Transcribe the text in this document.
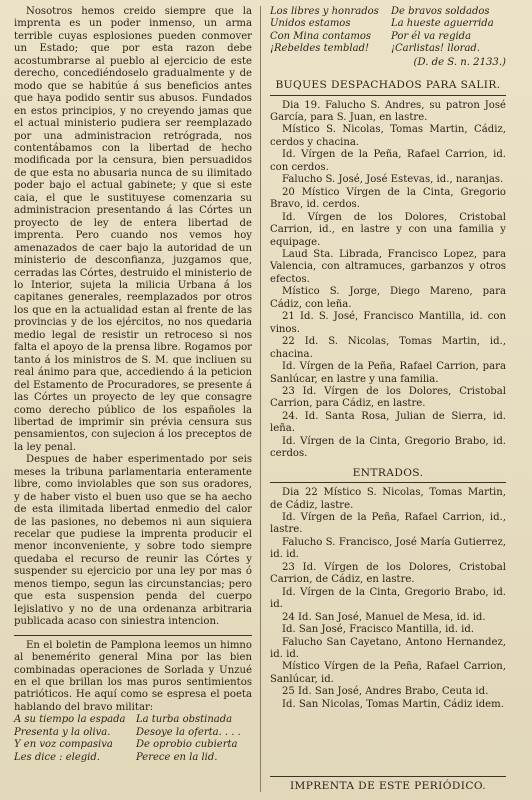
Nosotros hemos creido siempre que la imprenta es un poder inmenso, un arma terrible cuyas esplosiones pueden conmover un Estado; que por esta razon debe acostumbrarse al pueblo al ejercicio de este derecho, concediéndoselo gradualmente y de modo que se habitúe á sus beneficios antes que haya podido sentir sus abusos. Fundados en estos principios, y no creyendo jamas que el actual ministerio pudiera ser reemplazado por una administracion retrógrada, nos contentábamos con la libertad de hecho modificada por la censura, bien persuadidos de que esta no abusaria nunca de su ilimitado poder bajo el actual gabinete; y que si este caia, el que le sustituyese comenzaria su administracion presentando á las Córtes un proyecto de ley de entera libertad de imprenta. Pero cuando nos vemos hoy amenazados de caer bajo la autoridad de un ministerio de desconfianza, juzgamos que, cerradas las Córtes, destruido el ministerio de lo Interior, sujeta la milicia Urbana á los capitanes generales, reemplazados por otros los que en la actualidad estan al frente de las provincias y de los ejércitos, no nos quedaria medio legal de resistir un retroceso si nos falta el apoyo de la prensa libre. Rogamos por tanto á los ministros de S. M. que incliuen su real ánimo para que, accediendo á la peticion del Estamento de Procuradores, se presente á las Córtes un proyecto de ley que consagre como derecho público de los españoles la libertad de imprimir sin prévia censura sus pensamientos, con sujecion á los preceptos de la ley penal.

Despues de haber esperimentado por seis meses la tribuna parlamentaria enteramente libre, como inviolables que son sus oradores, y de haber visto el buen uso que se ha aecho de esta ilimitada libertad enmedio del calor de las pasiones, no debemos ni aun siquiera recelar que pudiese la imprenta producir el menor inconveniente, y sobre todo siempre quedaba el recurso de reunir las Córtes y suspender su ejercicio por una ley por mas ó menos tiempo, segun las circunstancias; pero que esta suspension penda del cuerpo lejislativo y no de una ordenanza arbitraria publicada acaso con siniestra intencion.

En el boletin de Pamplona leemos un himno al benemérito general Mina por las bien combinadas operaciones de Sorlada y Unzué en el que brillan los mas puros sentimientos patrióticos. He aquí como se espresa el poeta hablando del bravo militar:

A su tiempo la espada	La turba obstinada
Presenta y la oliva.	Desoye la oferta. . . .
Y en voz compasiva	De oprobio cubierta
Les dice : elegid.	Perece en la lid.
Los libres y honrados	De bravos soldados
Unidos estamos	La hueste aguerrida
Con Mina contamos	Por él va regida
¡Rebeldes temblad!	¡Carlistas! llorad.
(D. de S. n. 2133.)
BUQUES DESPACHADOS PARA SALIR.

Dia 19. Falucho S. Andres, su patron José García, para S. Juan, en lastre.

Místico S. Nicolas, Tomas Martin, Cádiz, cerdos y chacina.

Id. Vírgen de la Peña, Rafael Carrion, id. con cerdos.

Falucho S. José, José Estevas, id., naranjas.

20 Místico Vírgen de la Cinta, Gregorio Bravo, id. cerdos.

Id. Vírgen de los Dolores, Cristobal Carrion, id., en lastre y con una familia y equipage.

Laud Sta. Librada, Francisco Lopez, para Valencia, con altramuces, garbanzos y otros efectos.

Místico S. Jorge, Diego Mareno, para Cádiz, con leña.

21 Id. S. José, Francisco Mantilla, id. con vinos.

22 Id. S. Nicolas, Tomas Martin, id., chacina.

Id. Vírgen de la Peña, Rafael Carrion, para Sanlúcar, en lastre y una familia.

23 Id. Vírgen de los Dolores, Cristobal Carrion, para Cádiz, en lastre.

24. Id. Santa Rosa, Julian de Sierra, id. leña.

Id. Vírgen de la Cinta, Gregorio Brabo, id. cerdos.

ENTRADOS.

Dia 22 Místico S. Nicolas, Tomas Martin, de Cádiz, lastre.

Id. Vírgen de la Peña, Rafael Carrion, id., lastre.

Falucho S. Francisco, José María Gutierrez, id. id.

23 Id. Vírgen de los Dolores, Cristobal Carrion, de Cádiz, en lastre.

Id. Vírgen de la Cinta, Gregorio Brabo, id. id.

24 Id. San José, Manuel de Mesa, id. id.

Id. San José, Fracisco Mantilla, id. id.

Falucho San Cayetano, Antono Hernandez, id. id.

Místico Vírgen de la Peña, Rafael Carrion, Sanlúcar, id.

25 Id. San José, Andres Brabo, Ceuta id.

Id. San Nicolas, Tomas Martin, Cádiz idem.

IMPRENTA DE ESTE PERIÓDICO.
